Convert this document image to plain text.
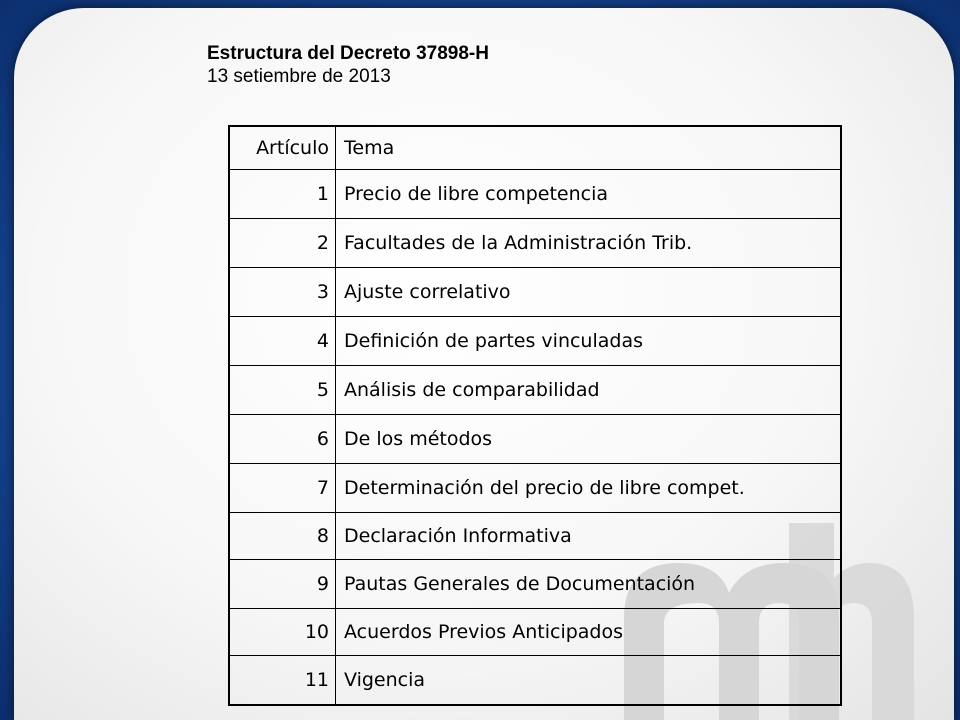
Estructura del Decreto 37898-H
13 setiembre de 2013
Artículo	Tema
1	Precio de libre competencia
2	Facultades de la Administración Trib.
3	Ajuste correlativo
4	Definición de partes vinculadas
5	Análisis de comparabilidad
6	De los métodos
7	Determinación del precio de libre compet.
8	Declaración Informativa
9	Pautas Generales de Documentación
10	Acuerdos Previos Anticipados
11	Vigencia
